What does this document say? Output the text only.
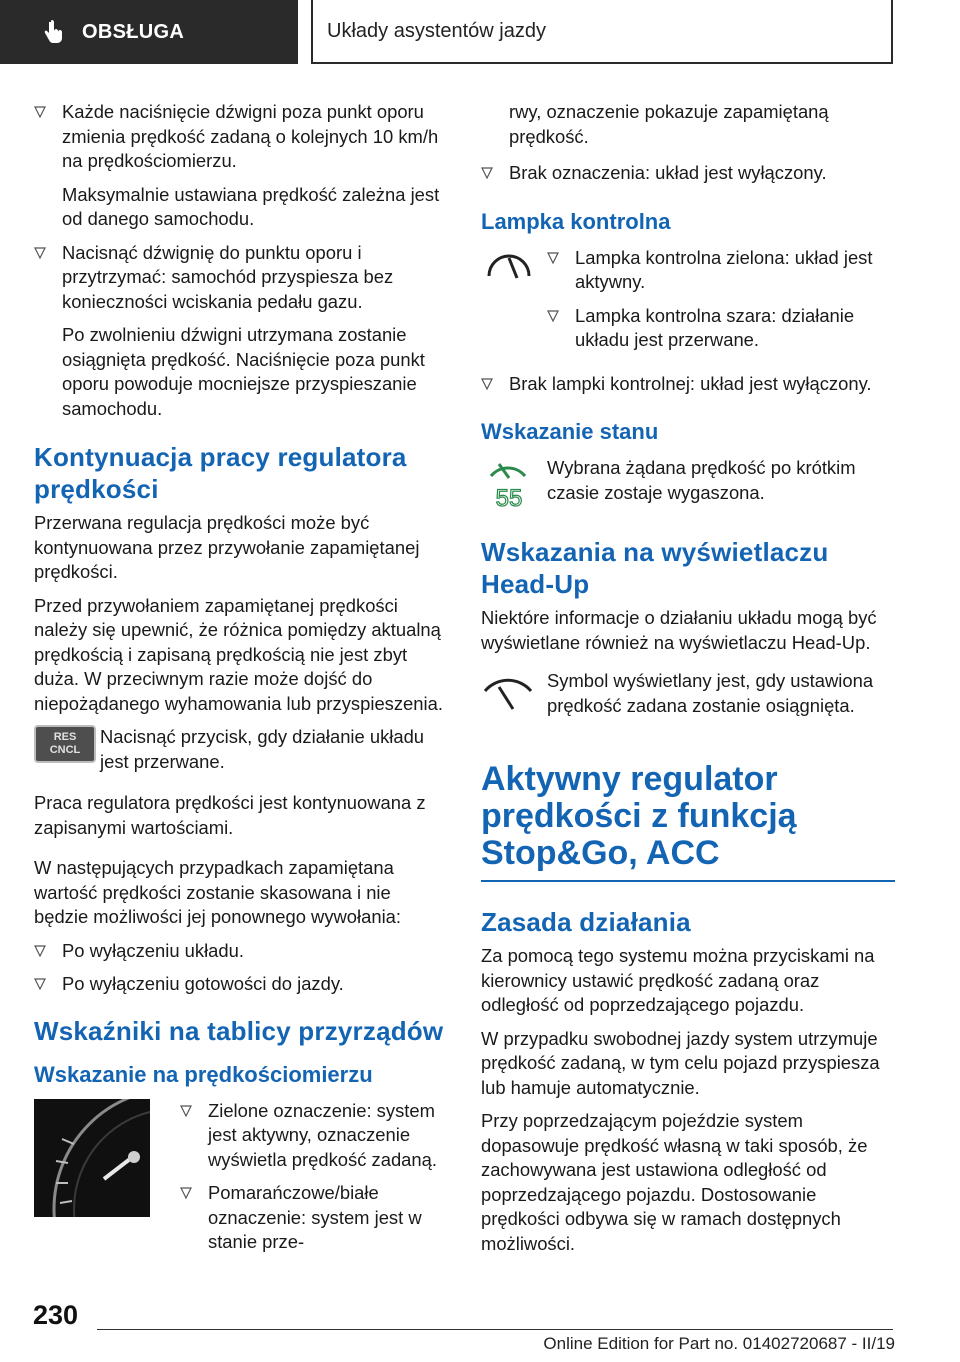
OBSŁUGA	Układy asystentów jazdy
Każde naciśnięcie dźwigni poza punkt oporu zmienia prędkość zadaną o kolejnych 10 km/h na prędkościomierzu.

Maksymalnie ustawiana prędkość zależna jest od danego samochodu.

Nacisnąć dźwignię do punktu oporu i przytrzymać: samochód przyspiesza bez konieczności wciskania pedału gazu.

Po zwolnieniu dźwigni utrzymana zostanie osiągnięta prędkość. Naciśnięcie poza punkt oporu powoduje mocniejsze przyspieszanie samochodu.

Kontynuacja pracy regulatora prędkości

Przerwana regulacja prędkości może być kontynuowana przez przywołanie zapamiętanej prędkości.

Przed przywołaniem zapamiętanej prędkości należy się upewnić, że różnica pomiędzy aktualną prędkością i zapisaną prędkością nie jest zbyt duża. W przeciwnym razie może dojść do niepożądanego wyhamowania lub przyspieszenia.

RES
CNCL
Nacisnąć przycisk, gdy działanie układu jest przerwane.

Praca regulatora prędkości jest kontynuowana z zapisanymi wartościami.

W następujących przypadkach zapamiętana wartość prędkości zostanie skasowana i nie będzie możliwości jej ponownego wywołania:

Po wyłączeniu układu.
Po wyłączeniu gotowości do jazdy.
Wskaźniki na tablicy przyrządów
Wskazanie na prędkościomierzu
Zielone oznaczenie: system jest aktywny, oznaczenie wyświetla prędkość zadaną.
Pomarańczowe/białe oznaczenie: system jest w stanie prze-

rwy, oznaczenie pokazuje zapamiętaną prędkość.

Brak oznaczenia: układ jest wyłączony.
Lampka kontrolna
Lampka kontrolna zielona: układ jest aktywny.
Lampka kontrolna szara: działanie układu jest przerwane.
Brak lampki kontrolnej: układ jest wyłączony.
Wskazanie stanu
55
Wybrana żądana prędkość po krótkim czasie zostaje wygaszona.
Wskazania na wyświetlaczu Head-Up

Niektóre informacje o działaniu układu mogą być wyświetlane również na wyświetlaczu Head-Up.

Symbol wyświetlany jest, gdy ustawiona prędkość zadana zostanie osiągnięta.
Aktywny regulator prędkości z funkcją Stop&Go, ACC
Zasada działania

Za pomocą tego systemu można przyciskami na kierownicy ustawić prędkość zadaną oraz odległość od poprzedzającego pojazdu.

W przypadku swobodnej jazdy system utrzymuje prędkość zadaną, w tym celu pojazd przyspiesza lub hamuje automatycznie.

Przy poprzedzającym pojeździe system dopasowuje prędkość własną w taki sposób, że zachowywana jest ustawiona odległość od poprzedzającego pojazdu. Dostosowanie prędkości odbywa się w ramach dostępnych możliwości.

230
Online Edition for Part no. 01402720687 - II/19
